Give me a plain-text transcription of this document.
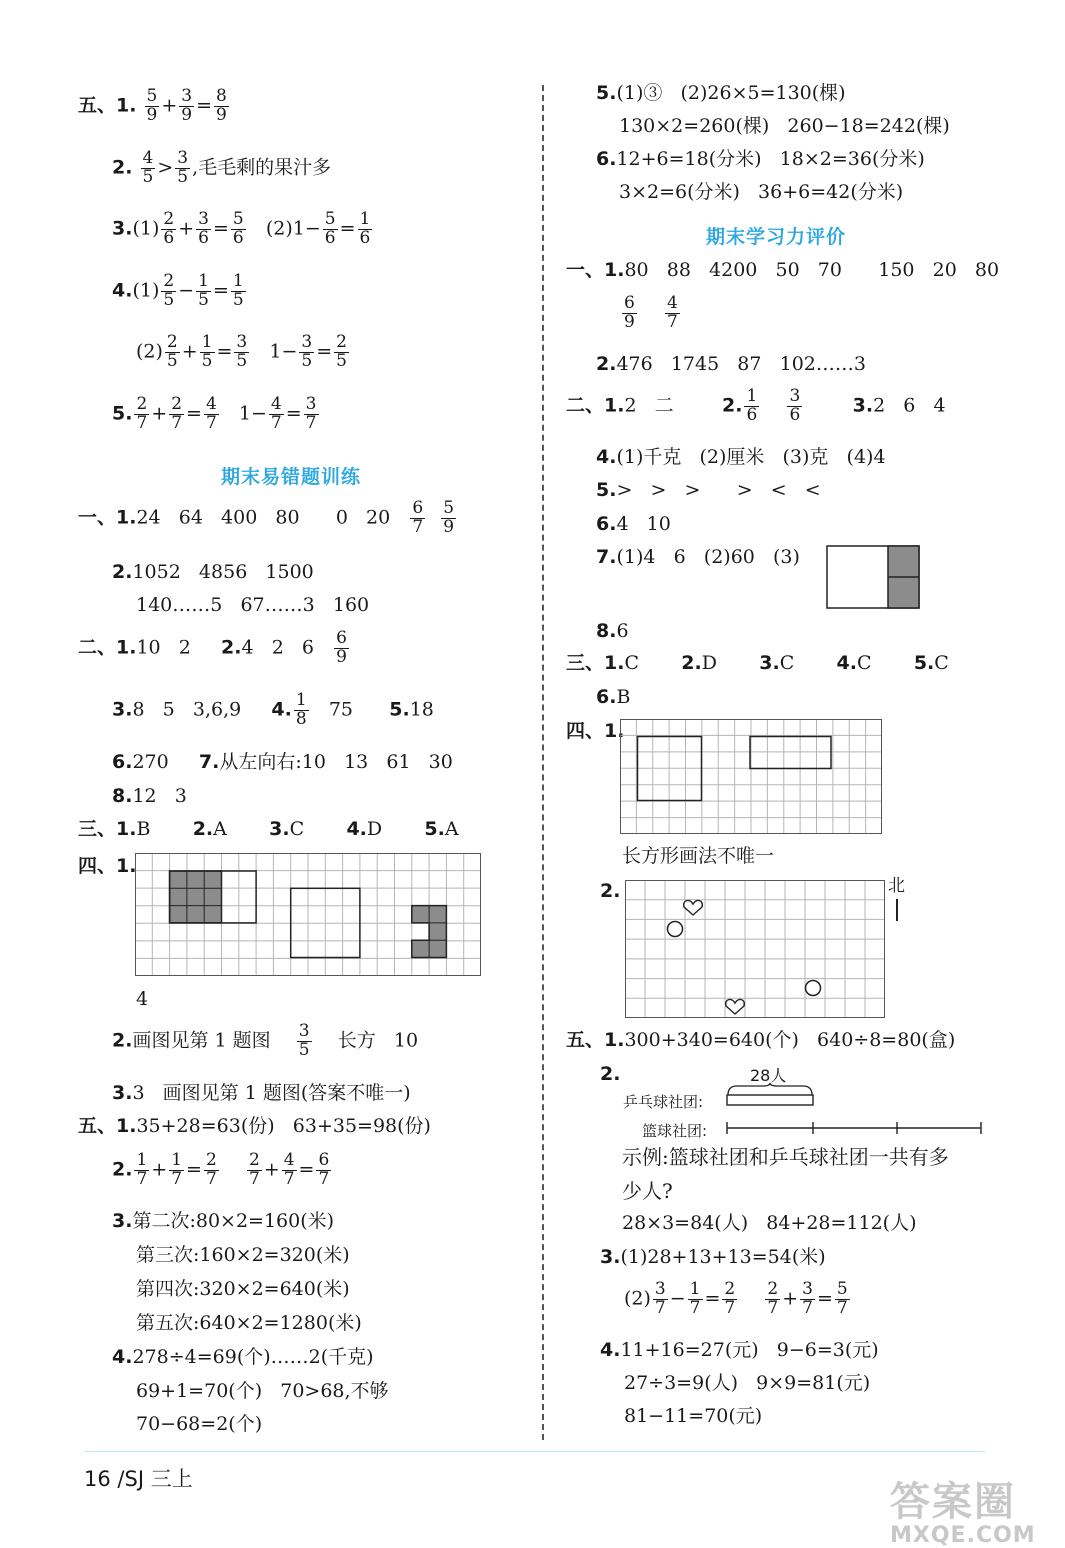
五、1. $\frac{5}{9} + \frac{3}{9} = \frac{8}{9}$
2. $\frac{4}{5} > \frac{3}{5}$ ,毛毛剩的果汁多
$3.(1) \frac{2}{6} + \frac{3}{6} = \frac{5}{6} (2)1- \frac{5}{6} = \frac{1}{6}$
$4.(1) \frac{2}{5} - \frac{1}{5} = \frac{1}{5}$
$(2) \frac{2}{5} + \frac{1}{5} = \frac{3}{5} 1- \frac{3}{5} = \frac{2}{5}$
5. $\frac{2}{7} + \frac{2}{7} = \frac{4}{7} 1- \frac{4}{7} = \frac{3}{7}$
期末易错题训练
一、1.24   64   400   80      0   $20 \frac{6}{7}$
$\frac{5}{9}$
2.1052   4856   1500
140……5   67……3   160
二、1.10   2 2.4   2   $6 \frac{6}{9}$
3.8   5   3,6,9 4. $\frac{1}{8} 75$ 5.18
6.270 7.从左向右:10   13   61   30
8.12   3
三、1.B 2.A 3.C 4.D 5.A
四、1.
4
2.画图见第 1 题图 $\frac{3}{5}$ 长方   10
3.3   画图见第 1 题图(答案不唯一)
五、1.35+28=63(份)   63+35=98(份)
2. $\frac{1}{7} + \frac{1}{7} = \frac{2}{7}$
$\frac{2}{7} + \frac{4}{7} = \frac{6}{7}$
3.第二次:80×2=160(米)
第三次:160×2=320(米)
第四次:320×2=640(米)
第五次:640×2=1280(米)
4.278÷4=69(个)……2(千克)
69+1=70(个)   70>68,不够
70−68=2(个)
5.(1)③   (2)26×5=130(棵)
130×2=260(棵)   260−18=242(棵)
6.12+6=18(分米)   18×2=36(分米)
3×2=6(分米)   36+6=42(分米)
期末学习力评价
一、1.80   88   4200   50   70      150   20   80
$\frac{6}{9}$
$\frac{4}{7}$
2.476   1745   87   102……3
二、1.2   二	2. $\frac{1}{6}$
$\frac{3}{6}$	3.2   6   4
4.(1)千克   (2)厘米   (3)克   (4)4
5.>   >   >      >   <   <
6.4   10
7.(1)4   6   (2)60   (3)
8.6
三、1.C 2.D 3.C 4.C 5.C
6.B
四、1.
长方形画法不唯一
2.	北
五、1.300+340=640(个)   640÷8=80(盒)
2.	28人
乒乓球社团:
篮球社团:
示例:篮球社团和乒乓球社团一共有多
少人?
28×3=84(人)   84+28=112(人)
3.(1)28+13+13=54(米)
$(2) \frac{3}{7} - \frac{1}{7} = \frac{2}{7}$
$\frac{2}{7} + \frac{3}{7} = \frac{5}{7}$
4.11+16=27(元)   9−6=3(元)
27÷3=9(人)   9×9=81(元)
81−11=70(元)
16 /SJ 三上	答案圈
MXQE.COM
